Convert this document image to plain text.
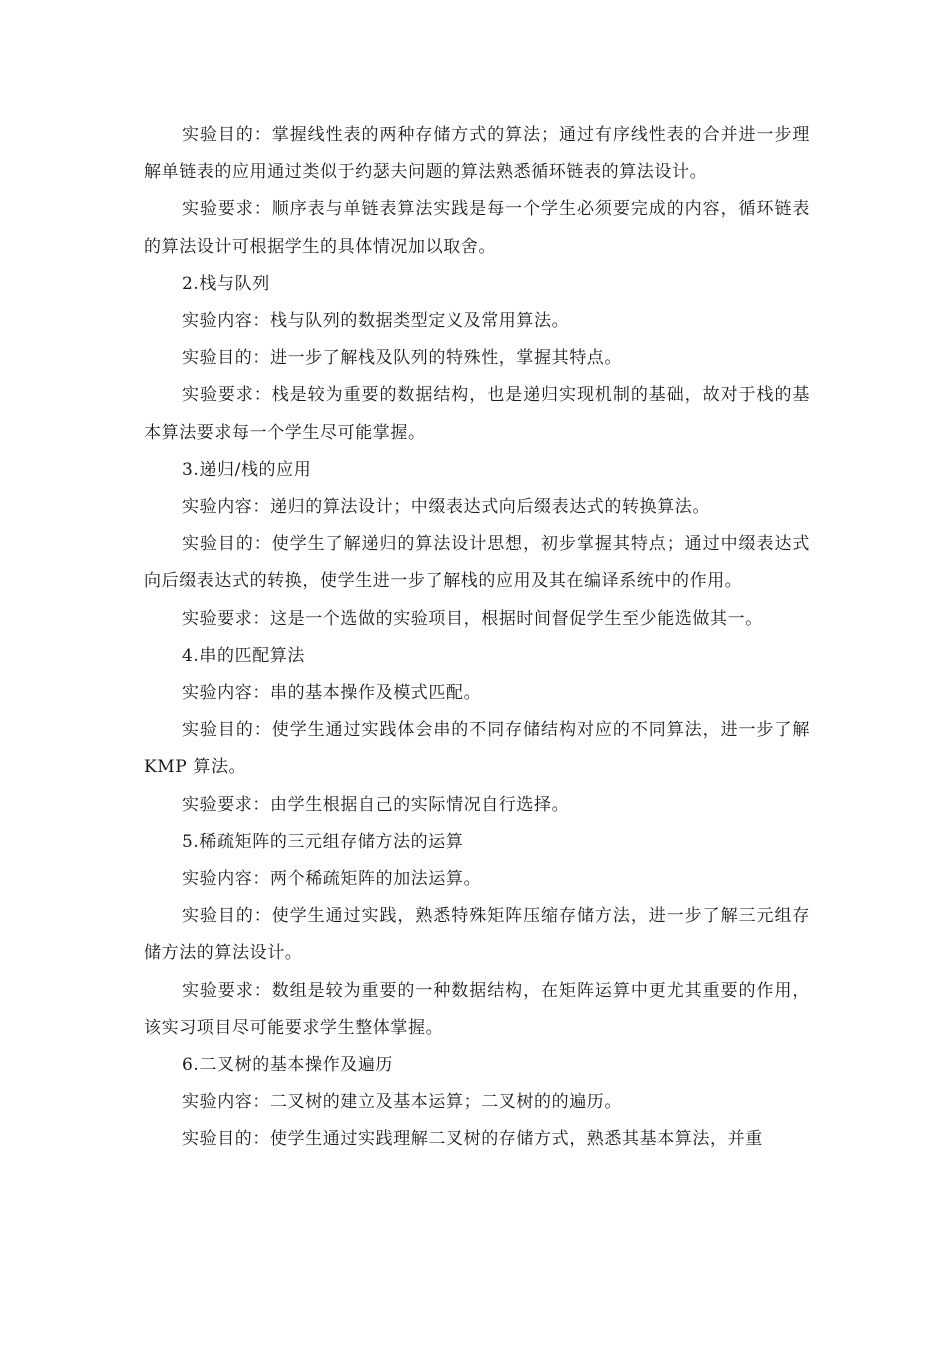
实验目的：掌握线性表的两种存储方式的算法；通过有序线性表的合并进一步理解单链表的应用通过类似于约瑟夫问题的算法熟悉循环链表的算法设计。

实验要求：顺序表与单链表算法实践是每一个学生必须要完成的内容，循环链表的算法设计可根据学生的具体情况加以取舍。

2.栈与队列

实验内容：栈与队列的数据类型定义及常用算法。

实验目的：进一步了解栈及队列的特殊性，掌握其特点。

实验要求：栈是较为重要的数据结构，也是递归实现机制的基础，故对于栈的基本算法要求每一个学生尽可能掌握。

3.递归/栈的应用

实验内容：递归的算法设计；中缀表达式向后缀表达式的转换算法。

实验目的：使学生了解递归的算法设计思想，初步掌握其特点；通过中缀表达式向后缀表达式的转换，使学生进一步了解栈的应用及其在编译系统中的作用。

实验要求：这是一个选做的实验项目，根据时间督促学生至少能选做其一。

4.串的匹配算法

实验内容：串的基本操作及模式匹配。

实验目的：使学生通过实践体会串的不同存储结构对应的不同算法，进一步了解 KMP 算法。

实验要求：由学生根据自己的实际情况自行选择。

5.稀疏矩阵的三元组存储方法的运算

实验内容：两个稀疏矩阵的加法运算。

实验目的：使学生通过实践，熟悉特殊矩阵压缩存储方法，进一步了解三元组存储方法的算法设计。

实验要求：数组是较为重要的一种数据结构，在矩阵运算中更尤其重要的作用，该实习项目尽可能要求学生整体掌握。

6.二叉树的基本操作及遍历

实验内容：二叉树的建立及基本运算；二叉树的的遍历。

实验目的：使学生通过实践理解二叉树的存储方式，熟悉其基本算法，并重
